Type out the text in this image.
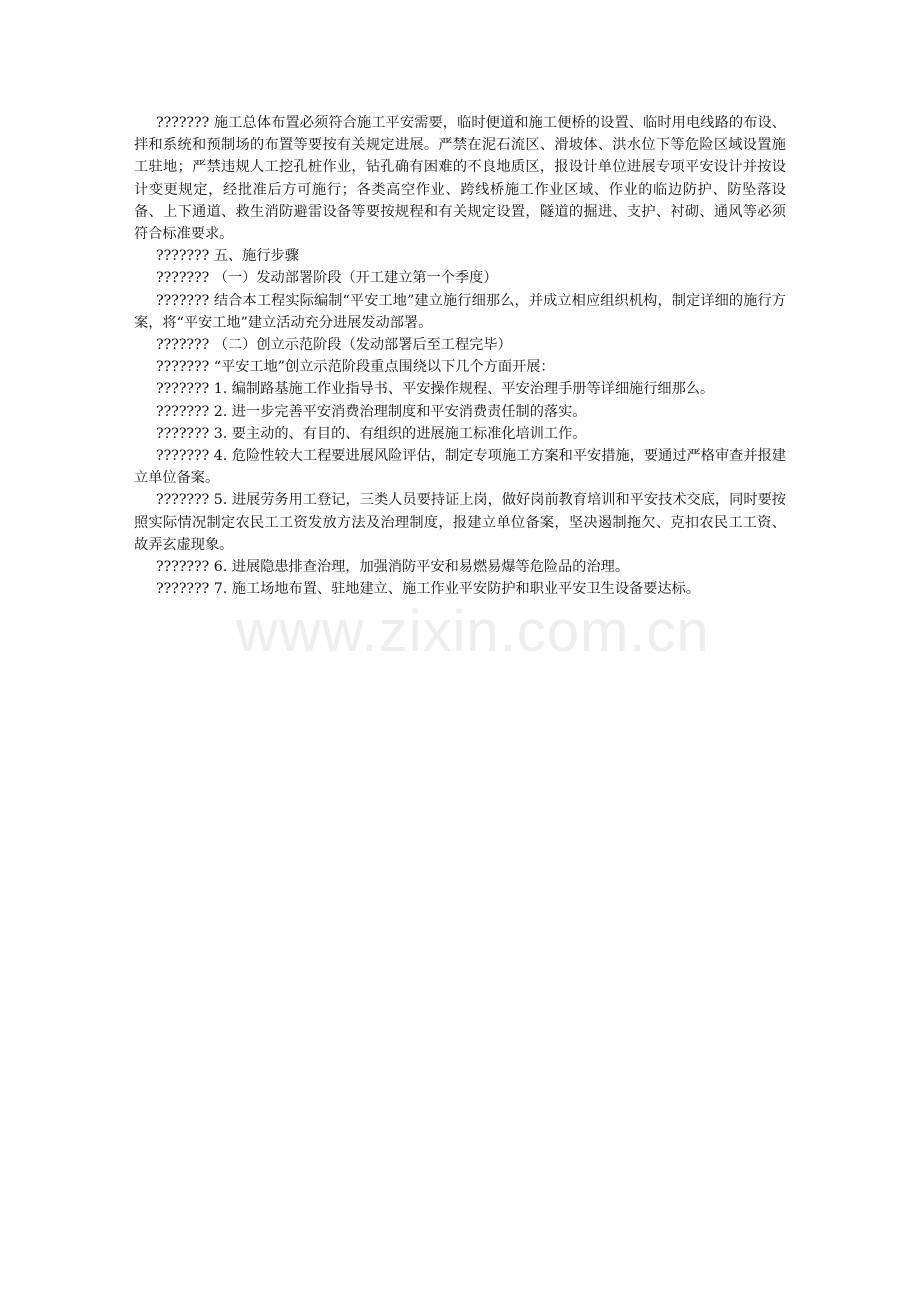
www.zixin.com.cn

??????? 施工总体布置必须符合施工平安需要，临时便道和施工便桥的设置、临时用电线路的布设、拌和系统和预制场的布置等要按有关规定进展。严禁在泥石流区、滑坡体、洪水位下等危险区域设置施工驻地；严禁违规人工挖孔桩作业，钻孔确有困难的不良地质区，报设计单位进展专项平安设计并按设计变更规定，经批准后方可施行；各类高空作业、跨线桥施工作业区域、作业的临边防护、防坠落设备、上下通道、救生消防避雷设备等要按规程和有关规定设置，隧道的掘进、支护、衬砌、通风等必须符合标准要求。

??????? 五、施行步骤

??????? （一）发动部署阶段（开工建立第一个季度）

??????? 结合本工程实际编制“平安工地”建立施行细那么，并成立相应组织机构，制定详细的施行方案，将“平安工地”建立活动充分进展发动部署。

??????? （二）创立示范阶段（发动部署后至工程完毕）

??????? “平安工地”创立示范阶段重点围绕以下几个方面开展：

??????? 1. 编制路基施工作业指导书、平安操作规程、平安治理手册等详细施行细那么。

??????? 2. 进一步完善平安消费治理制度和平安消费责任制的落实。

??????? 3. 要主动的、有目的、有组织的进展施工标准化培训工作。

??????? 4. 危险性较大工程要进展风险评估，制定专项施工方案和平安措施，要通过严格审查并报建立单位备案。

??????? 5. 进展劳务用工登记，三类人员要持证上岗，做好岗前教育培训和平安技术交底，同时要按照实际情况制定农民工工资发放方法及治理制度，报建立单位备案，坚决遏制拖欠、克扣农民工工资、故弄玄虚现象。

??????? 6. 进展隐患排查治理，加强消防平安和易燃易爆等危险品的治理。

??????? 7. 施工场地布置、驻地建立、施工作业平安防护和职业平安卫生设备要达标。
